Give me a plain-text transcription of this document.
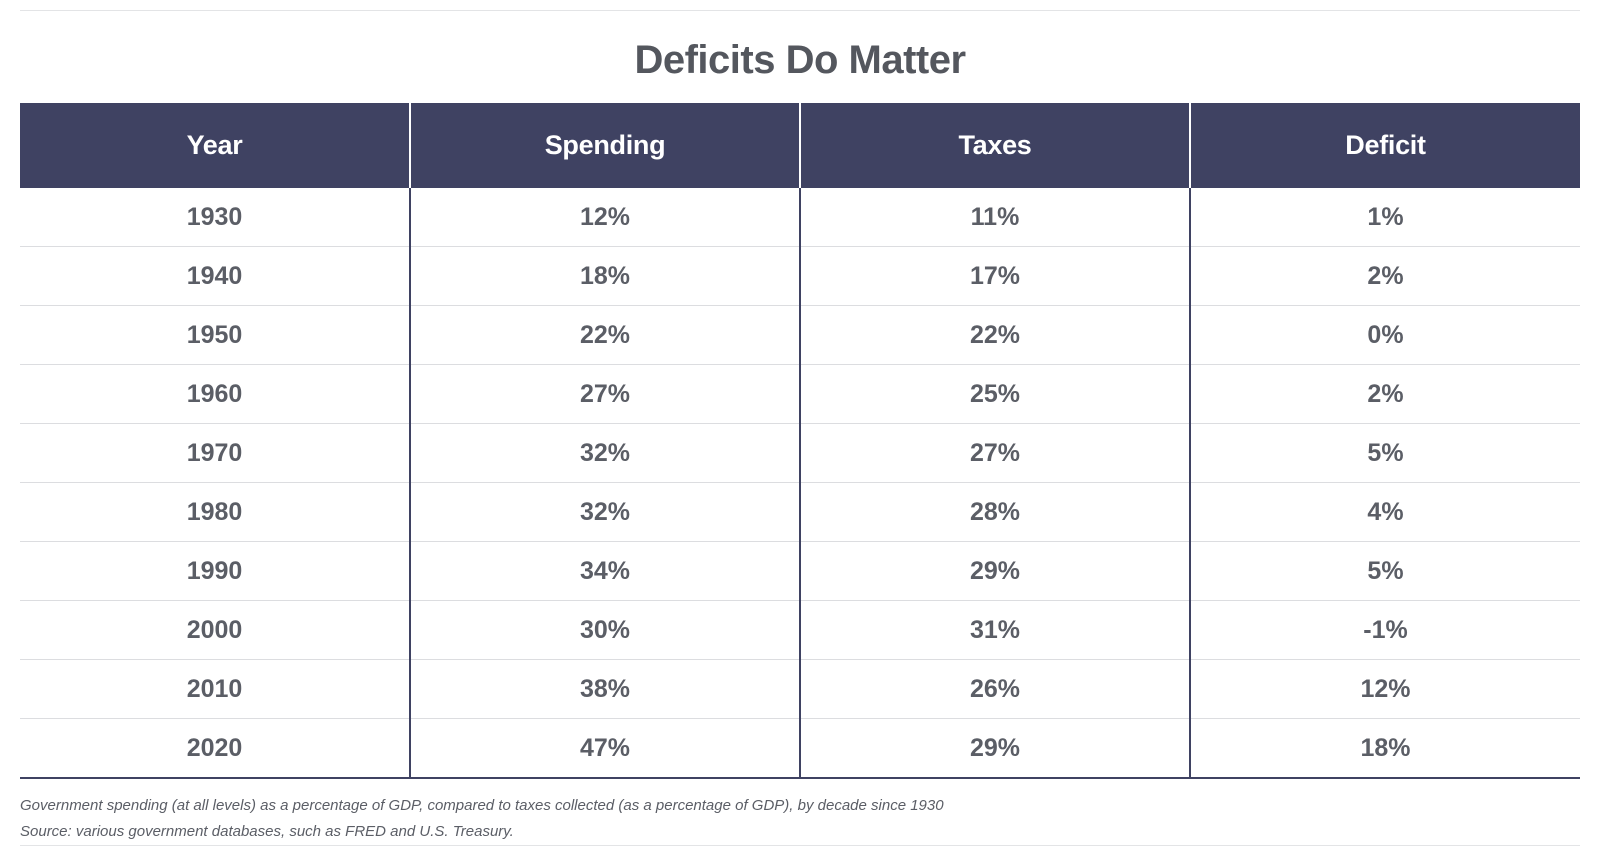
Deficits Do Matter
Year	Spending	Taxes	Deficit
1930	12%	11%	1%
1940	18%	17%	2%
1950	22%	22%	0%
1960	27%	25%	2%
1970	32%	27%	5%
1980	32%	28%	4%
1990	34%	29%	5%
2000	30%	31%	-1%
2010	38%	26%	12%
2020	47%	29%	18%
Government spending (at all levels) as a percentage of GDP, compared to taxes collected (as a percentage of GDP), by decade since 1930
Source: various government databases, such as FRED and U.S. Treasury.
